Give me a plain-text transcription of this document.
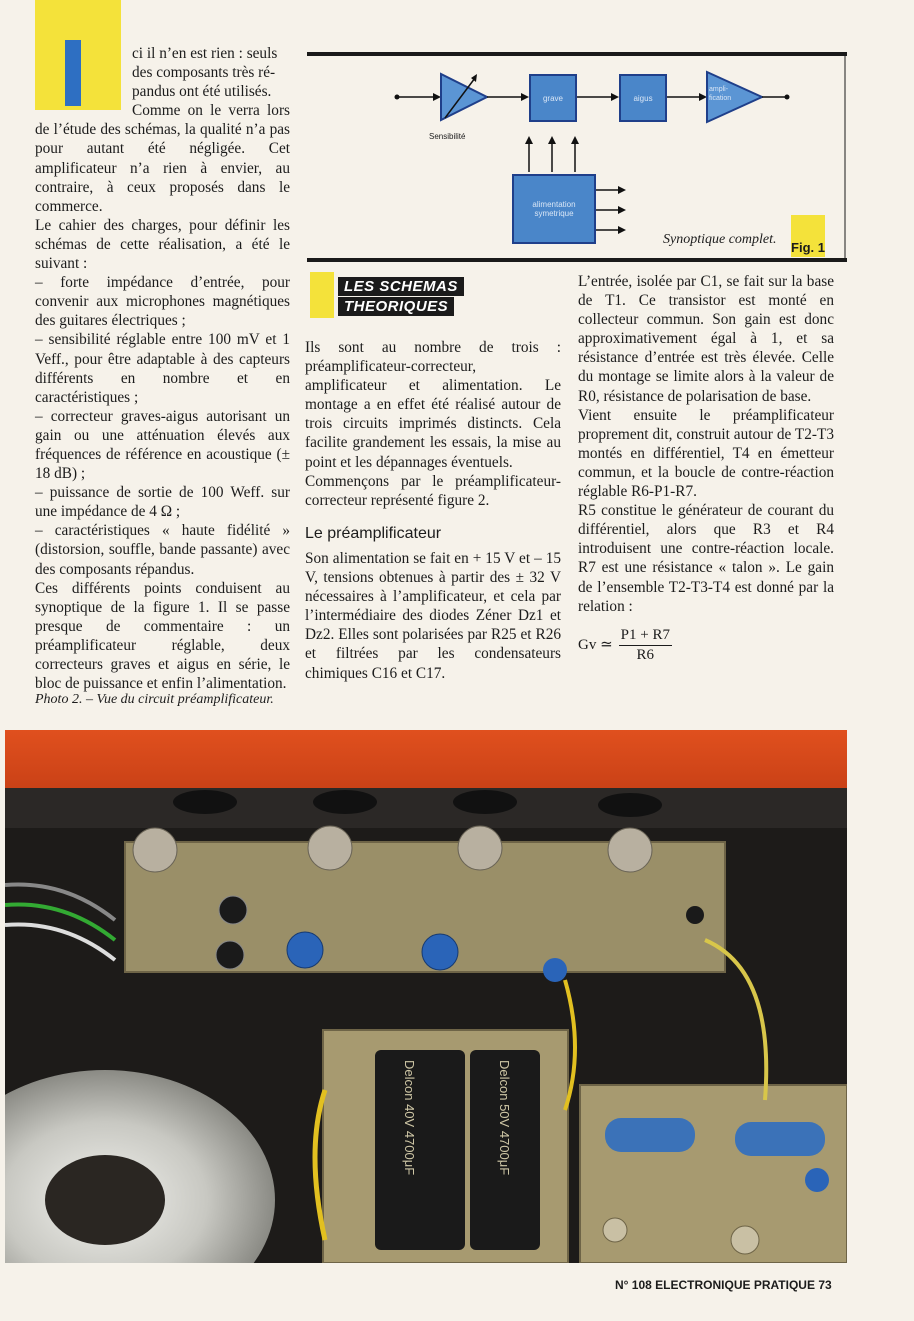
ci il n’en est rien : seuls
des composants très ré-
pandus ont été utilisés.

Comme on le verra lors de l’étude des schémas, la qualité n’a pas pour autant été négligée. Cet amplificateur n’a rien à envier, au contraire, à ceux proposés dans le commerce.

Le cahier des charges, pour définir les schémas de cette réalisation, a été le suivant :

– forte impédance d’entrée, pour convenir aux microphones magnétiques des guitares électriques ;

– sensibilité réglable entre 100 mV et 1 Veff., pour être adaptable à des capteurs différents en nombre et en caractéristiques ;

– correcteur graves-aigus autorisant un gain ou une atténuation élevés aux fréquences de référence en acoustique (± 18 dB) ;

– puissance de sortie de 100 Weff. sur une impédance de 4 Ω ;

– caractéristiques « haute fidélité » (distorsion, souffle, bande passante) avec des composants répandus.

Ces différents points conduisent au synoptique de la figure 1. Il se passe presque de commentaire : un préamplificateur réglable, deux correcteurs graves et aigus en série, le bloc de puissance et enfin l’alimentation.

Photo 2. – Vue du circuit préamplificateur.
Sensibilité
grave	aigus
ampli-fication
alimentation
symetrique
Synoptique complet.
Fig. 1
LES SCHEMAS
THEORIQUES

Ils sont au nombre de trois : préamplificateur-correcteur, amplificateur et alimentation. Le montage a en effet été réalisé autour de trois circuits imprimés distincts. Cela facilite grandement les essais, la mise au point et les dépannages éventuels.

Commençons par le préamplificateur-correcteur représenté figure 2.

Le préamplificateur

Son alimentation se fait en + 15 V et – 15 V, tensions obtenues à partir des ± 32 V nécessaires à l’amplificateur, et cela par l’intermédiaire des diodes Zéner Dz1 et Dz2. Elles sont polarisées par R25 et R26 et filtrées par les condensateurs chimiques C16 et C17.

L’entrée, isolée par C1, se fait sur la base de T1. Ce transistor est monté en collecteur commun. Son gain est donc approximativement égal à 1, et sa résistance d’entrée est très élevée. Celle du montage se limite alors à la valeur de R0, résistance de polarisation de base.

Vient ensuite le préamplificateur proprement dit, construit autour de T2-T3 montés en différentiel, T4 en émetteur commun, et la boucle de contre-réaction réglable R6-P1-R7.

R5 constitue le générateur de courant du différentiel, alors que R3 et R4 introduisent une contre-réaction locale. R7 est une résistance « talon ». Le gain de l’ensemble T2-T3-T4 est donné par la relation :

Gv ≃ $\frac{P1 + R7}{R6}$
Delcon 50V 4700μF
Delcon 40V 4700μF
N° 108 ELECTRONIQUE PRATIQUE 73
